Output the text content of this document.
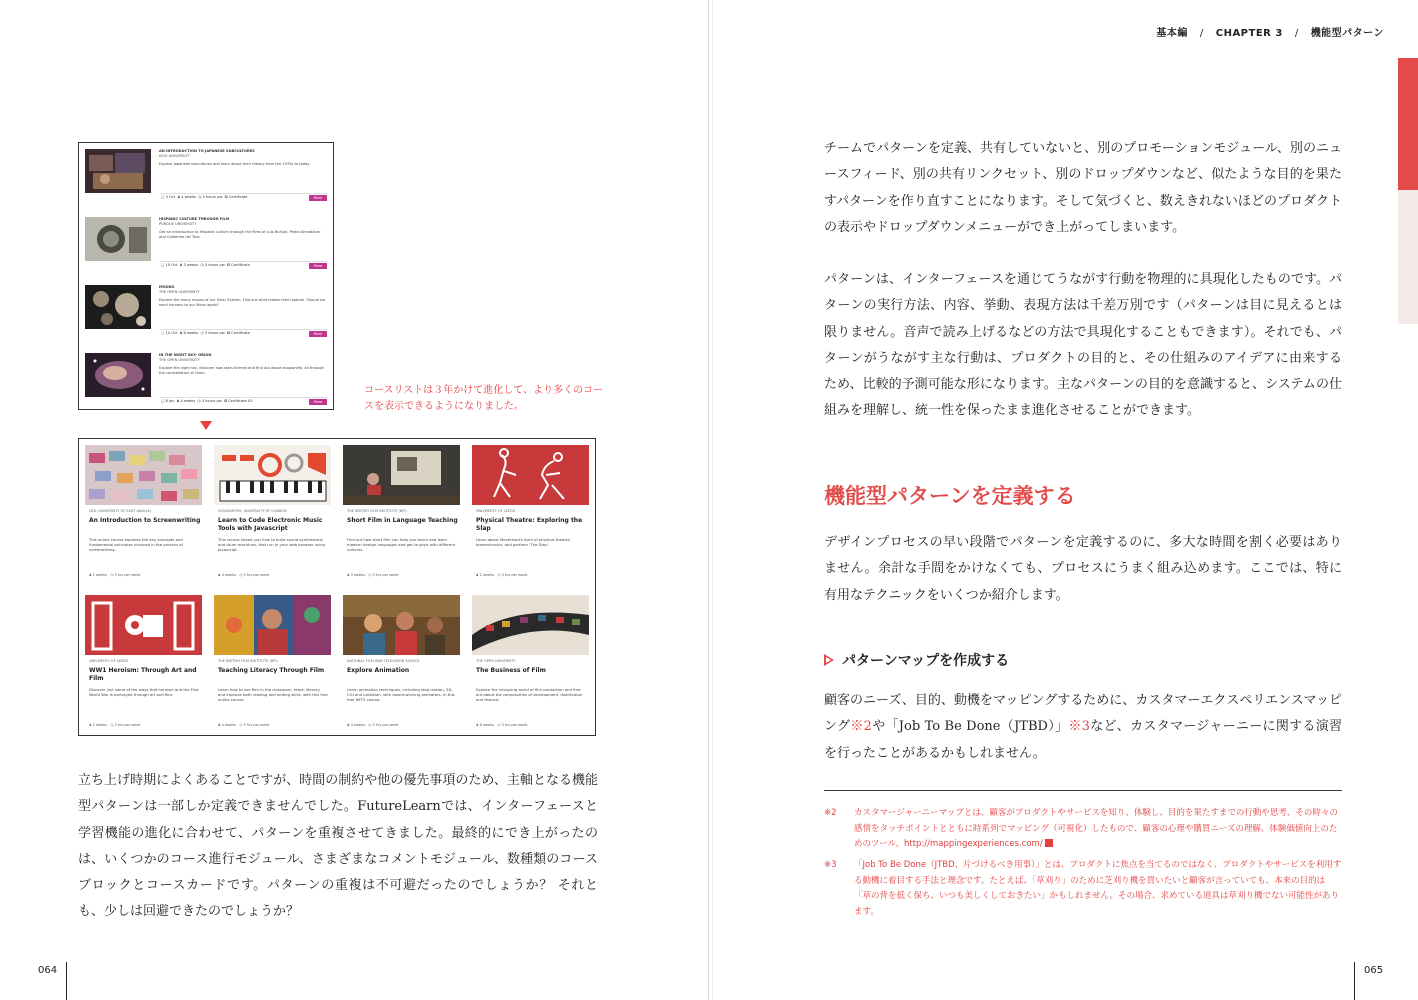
基本編 / CHAPTER 3 / 機能型パターン
AN INTRODUCTION TO JAPANESE SUBCULTURES
KEIO UNIVERSITY
Explore Japanese subcultures and learn about their history from the 1970s to today.
▢ 3 Oct  ⧗ 4 weeks  ◷ 4 hours pw  ✪ Certificate	More
HISPANIC CULTURE THROUGH FILM
PURDUE UNIVERSITY
Get an introduction to Hispanic culture through the films of Luis Buñuel, Pedro Almodóvar and Guillermo del Toro.
▢ 10 Oct  ⧗ 3 weeks  ◷ 3 hours pw  ✪ Certificate	More
MOONS
THE OPEN UNIVERSITY
Explore the many moons of our Solar System. Find out what makes them special. Should we send humans to our Moon again?
▢ 10 Oct  ⧗ 8 weeks  ◷ 3 hours pw  ✪ Certificate	More
IN THE NIGHT SKY: ORION
THE OPEN UNIVERSITY
Explore the night sky, discover how stars formed and find out about exoplanets, all through the constellation of Orion.
▢ 8 Jan  ⧗ 4 weeks  ◷ 3 hours pw  ✪ Certificate £0	More
コースリストは３年かけて進化して、より多くのコースを表示できるようになりました。
UEA (UNIVERSITY OF EAST ANGLIA)
An Introduction to Screenwriting
This online course explores the key concepts and fundamental principles involved in the process of screenwriting.
⧗ 2 weeks   ◷ 3 hrs per week
GOLDSMITHS, UNIVERSITY OF LONDON
Learn to Code Electronic Music Tools with Javascript
This course shows you how to build sound synthesizers and drum machines, that run in your web browser using Javascript.
⧗ 4 weeks   ◷ 3 hrs per week
THE BRITISH FILM INSTITUTE (BFI)
Short Film in Language Teaching
Find out how short film can help you teach and learn modern foreign languages and get to grips with different cultures.
⧗ 3 weeks   ◷ 3 hrs per week
UNIVERSITY OF LEEDS
Physical Theatre: Exploring the Slap
Learn about Meyerhold's form of physical theatre, biomechanics, and perform 'The Slap'.
⧗ 2 weeks   ◷ 3 hrs per week
UNIVERSITY OF LEEDS
WW1 Heroism: Through Art and Film
Discover just some of the ways that heroism and the First World War is portrayed through art and film.
⧗ 2 weeks   ◷ 3 hrs per week
THE BRITISH FILM INSTITUTE (BFI)
Teaching Literacy Through Film
Learn how to use film in the classroom, teach literacy and improve both reading and writing skills, with this free online course.
⧗ 4 weeks   ◷ 3 hrs per week
NATIONAL FILM AND TELEVISION SCHOOL
Explore Animation
Learn animation techniques, including stop motion, 2D, CGI and pixilation, with award-winning animators, in this free NFTS course.
⧗ 4 weeks   ◷ 3 hrs per week
THE OPEN UNIVERSITY
The Business of Film
Explore the intriguing world of film production and find out about the complexities of development, distribution and finance.
⧗ 6 weeks   ◷ 3 hrs per week

立ち上げ時期によくあることですが、時間の制約や他の優先事項のため、主軸となる機能型パターンは一部しか定義できませんでした。FutureLearnでは、インターフェースと学習機能の進化に合わせて、パターンを重複させてきました。最終的にでき上がったのは、いくつかのコース進行モジュール、さまざまなコメントモジュール、数種類のコースブロックとコースカードです。パターンの重複は不可避だったのでしょうか？ それとも、少しは回避できたのでしょうか？

チームでパターンを定義、共有していないと、別のプロモーションモジュール、別のニュースフィード、別の共有リンクセット、別のドロップダウンなど、似たような目的を果たすパターンを作り直すことになります。そして気づくと、数えきれないほどのプロダクトの表示やドロップダウンメニューができ上がってしまいます。

パターンは、インターフェースを通じてうながす行動を物理的に具現化したものです。パターンの実行方法、内容、挙動、表現方法は千差万別です（パターンは目に見えるとは限りません。音声で読み上げるなどの方法で具現化することもできます）。それでも、パターンがうながす主な行動は、プロダクトの目的と、その仕組みのアイデアに由来するため、比較的予測可能な形になります。主なパターンの目的を意識すると、システムの仕組みを理解し、統一性を保ったまま進化させることができます。

機能型パターンを定義する

デザインプロセスの早い段階でパターンを定義するのに、多大な時間を割く必要はありません。余計な手間をかけなくても、プロセスにうまく組み込めます。ここでは、特に有用なテクニックをいくつか紹介します。

パターンマップを作成する

顧客のニーズ、目的、動機をマッピングするために、カスタマーエクスペリエンスマッピング※2や「Job To Be Done（JTBD）」※3など、カスタマージャーニーに関する演習を行ったことがあるかもしれません。

※2 カスタマージャーニーマップとは、顧客がプロダクトやサービスを知り、体験し、目的を果たすまでの行動や思考、その時々の感情をタッチポイントとともに時系列でマッピング（可視化）したもので、顧客の心理や購買ニーズの理解、体験価値向上のためのツール。http://mappingexperiences.com/
※3 「Job To Be Done（JTBD、片づけるべき用事）」とは、プロダクトに焦点を当てるのではなく、プロダクトやサービスを利用する動機に着目する手法と理念です。たとえば、「草刈り」のために芝刈り機を買いたいと顧客が言っていても、本来の目的は「草の背を低く保ち、いつも美しくしておきたい」かもしれません。その場合、求めている道具は草刈り機でない可能性があります。
064	065
